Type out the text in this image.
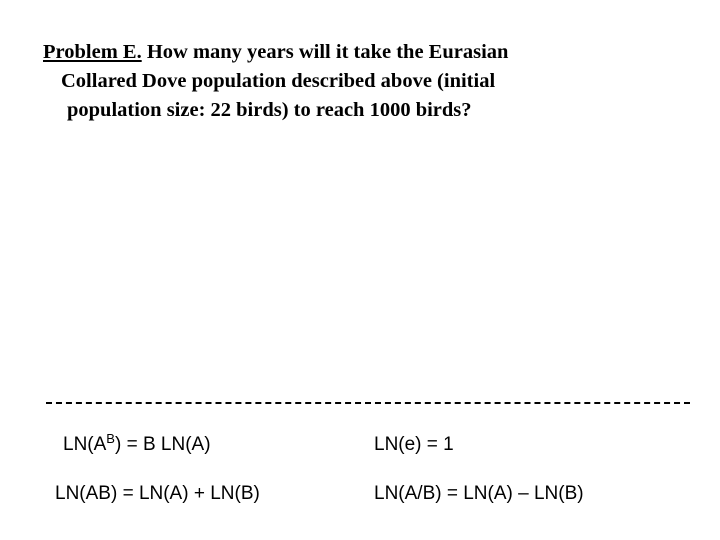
Problem E. How many years will it take the Eurasian
Collared Dove population described above (initial
population size: 22 birds) to reach 1000 birds?
$LN(A^B) = B$ LN(A)	LN(e) = 1
LN(AB) = LN(A) + LN(B)	LN(A/B) = LN(A) – LN(B)
